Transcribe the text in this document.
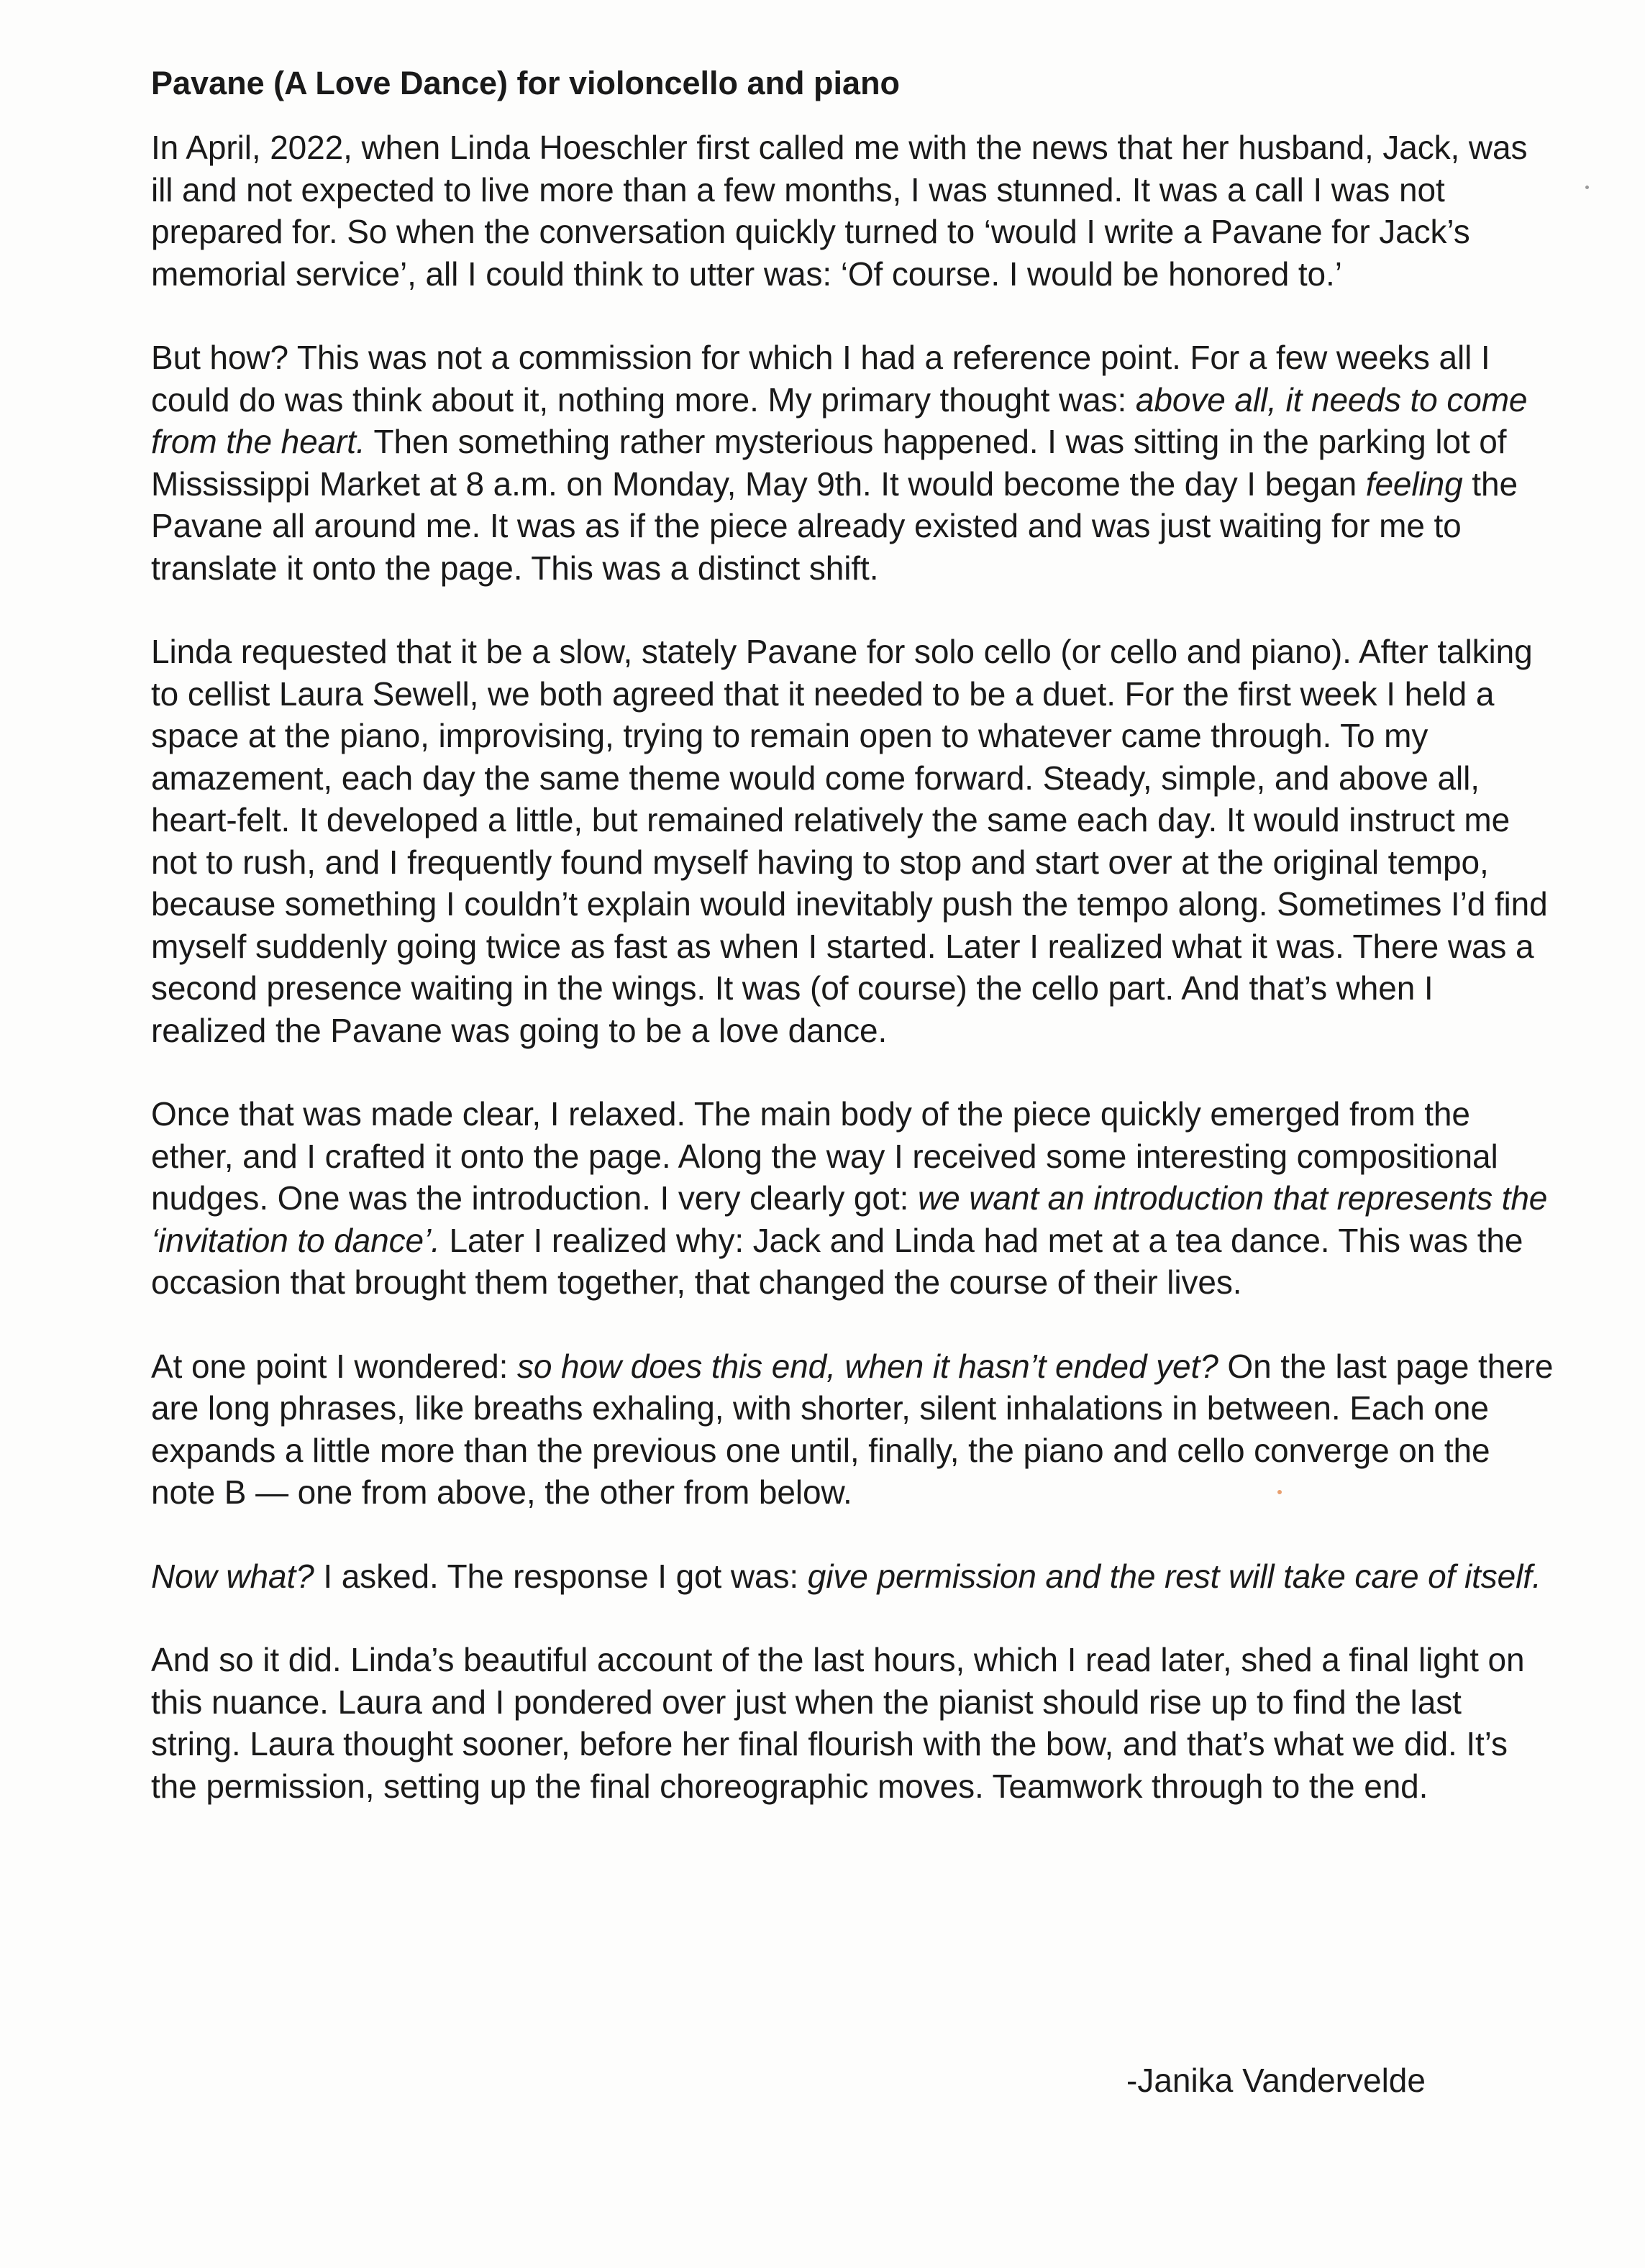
Pavane (A Love Dance) for violoncello and piano

In April, 2022, when Linda Hoeschler first called me with the news that her husband, Jack, was ill and not expected to live more than a few months, I was stunned. It was a call I was not prepared for. So when the conversation quickly turned to ‘would I write a Pavane for Jack’s memorial service’, all I could think to utter was: ‘Of course. I would be honored to.’

But how? This was not a commission for which I had a reference point. For a few weeks all I could do was think about it, nothing more. My primary thought was: above all, it needs to come from the heart. Then something rather mysterious happened. I was sitting in the parking lot of Mississippi Market at 8 a.m. on Monday, May 9th. It would become the day I began feeling the Pavane all around me. It was as if the piece already existed and was just waiting for me to translate it onto the page. This was a distinct shift.

Linda requested that it be a slow, stately Pavane for solo cello (or cello and piano). After talking to cellist Laura Sewell, we both agreed that it needed to be a duet. For the first week I held a space at the piano, improvising, trying to remain open to whatever came through. To my amazement, each day the same theme would come forward. Steady, simple, and above all, heart-felt. It developed a little, but remained relatively the same each day. It would instruct me not to rush, and I frequently found myself having to stop and start over at the original tempo, because something I couldn’t explain would inevitably push the tempo along. Sometimes I’d find myself suddenly going twice as fast as when I started. Later I realized what it was. There was a second presence waiting in the wings. It was (of course) the cello part. And that’s when I realized the Pavane was going to be a love dance.

Once that was made clear, I relaxed. The main body of the piece quickly emerged from the ether, and I crafted it onto the page. Along the way I received some interesting compositional nudges. One was the introduction. I very clearly got: we want an introduction that represents the ‘invitation to dance’. Later I realized why: Jack and Linda had met at a tea dance. This was the occasion that brought them together, that changed the course of their lives.

At one point I wondered: so how does this end, when it hasn’t ended yet? On the last page there are long phrases, like breaths exhaling, with shorter, silent inhalations in between. Each one expands a little more than the previous one until, finally, the piano and cello converge on the note B — one from above, the other from below.

Now what? I asked. The response I got was: give permission and the rest will take care of itself.

And so it did. Linda’s beautiful account of the last hours, which I read later, shed a final light on this nuance. Laura and I pondered over just when the pianist should rise up to find the last string. Laura thought sooner, before her final flourish with the bow, and that’s what we did. It’s the permission, setting up the final choreographic moves. Teamwork through to the end.

-Janika Vandervelde
